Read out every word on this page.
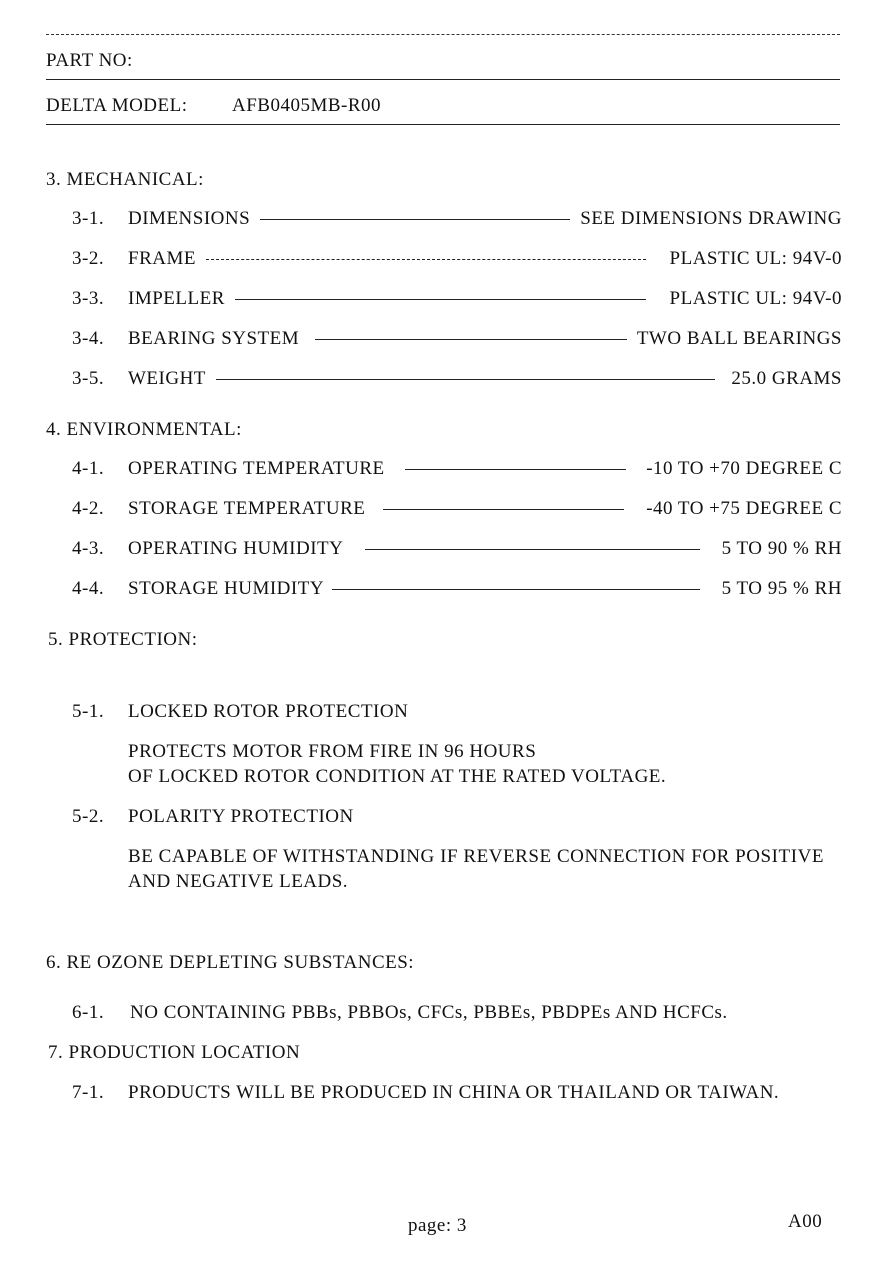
PART NO:
DELTA MODEL: AFB0405MB-R00
3. MECHANICAL:
3-1.	DIMENSIONS	SEE DIMENSIONS DRAWING
3-2.	FRAME	PLASTIC UL: 94V-0
3-3.	IMPELLER	PLASTIC UL: 94V-0
3-4.	BEARING SYSTEM	TWO BALL BEARINGS
3-5.	WEIGHT	25.0 GRAMS
4. ENVIRONMENTAL:
4-1.	OPERATING TEMPERATURE	-10 TO +70 DEGREE C
4-2.	STORAGE TEMPERATURE	-40 TO +75 DEGREE C
4-3.	OPERATING HUMIDITY	5 TO 90 % RH
4-4.	STORAGE HUMIDITY	5 TO 95 % RH
5. PROTECTION:
5-1. LOCKED ROTOR PROTECTION
PROTECTS MOTOR FROM FIRE IN 96 HOURS
OF LOCKED ROTOR CONDITION AT THE RATED VOLTAGE.
5-2. POLARITY PROTECTION
BE CAPABLE OF WITHSTANDING IF REVERSE CONNECTION FOR POSITIVE
AND NEGATIVE LEADS.
6. RE OZONE DEPLETING SUBSTANCES:
6-1. NO CONTAINING PBBs, PBBOs, CFCs, PBBEs, PBDPEs AND HCFCs.
7. PRODUCTION LOCATION
7-1. PRODUCTS WILL BE PRODUCED IN CHINA OR THAILAND OR TAIWAN.
page: 3	A00
